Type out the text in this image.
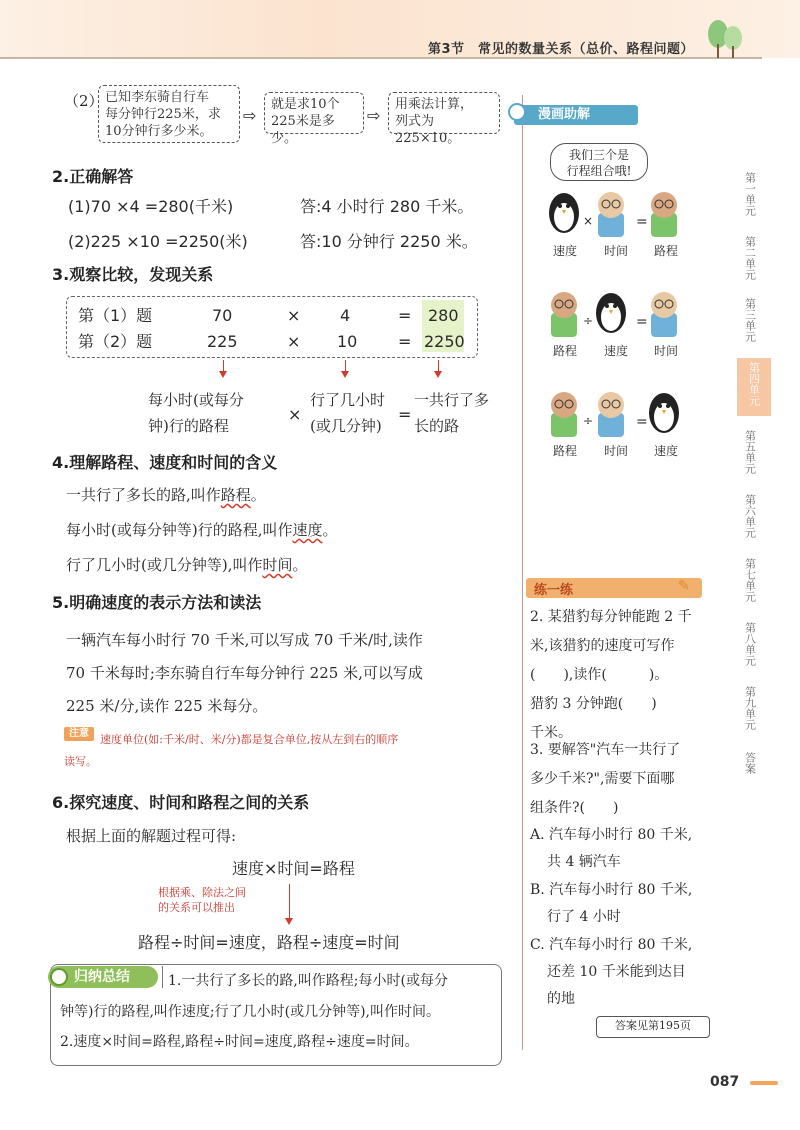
第3节　常见的数量关系（总价、路程问题）
（2） 已知李东骑自行车
每分钟行225米，求
10分钟行多少米。
⇨
就是求10个
225米是多少。
⇨
用乘法计算，
列式为225×10。
2.正确解答
(1)70 ×4 =280(千米)	答:4 小时行 280 千米。
(2)225 ×10 =2250(米)	答:10 分钟行 2250 米。
3.观察比较，发现关系
第（1）题	70	× 4	= 280
第（2）题	225	× 10	= 2250
每小时(或每分
钟)行的路程
×
行了几小时
(或几分钟)
=
一共行了多
长的路
4.理解路程、速度和时间的含义
一共行了多长的路,叫作路程。
每小时(或每分钟等)行的路程,叫作速度。
行了几小时(或几分钟等),叫作时间。
5.明确速度的表示方法和读法
一辆汽车每小时行 70 千米,可以写成 70 千米/时,读作
70 千米每时;李东骑自行车每分钟行 225 米,可以写成
225 米/分,读作 225 米每分。
注意	速度单位(如:千米/时、米/分)都是复合单位,按从左到右的顺序
读写。
6.探究速度、时间和路程之间的关系
根据上面的解题过程可得:
速度×时间=路程
根据乘、除法之间
的关系可以推出
路程÷时间=速度，路程÷速度=时间
归纳总结	1.一共行了多长的路,叫作路程;每小时(或每分
钟等)行的路程,叫作速度;行了几小时(或几分钟等),叫作时间。
2.速度×时间=路程,路程÷时间=速度,路程÷速度=时间。
漫画助解
我们三个是
行程组合哦!
×	=
速度 时间 路程
÷	=
路程 速度 时间
÷	=
路程 时间 速度
练一练	✎
2. 某猎豹每分钟能跑 2 千
米,该猎豹的速度可写作
(　　),读作(　　　)。
猎豹 3 分钟跑(　　)
千米。
3. 要解答"汽车一共行了
多少千米?",需要下面哪
组条件?(　　)
A. 汽车每小时行 80 千米,
共 4 辆汽车
B. 汽车每小时行 80 千米,
行了 4 小时
C. 汽车每小时行 80 千米,
还差 10 千米能到达目
的地
答案见第195页
第一单元
第二单元
第三单元
第四单元
第五单元
第六单元
第七单元
第八单元
第九单元
答案
087
